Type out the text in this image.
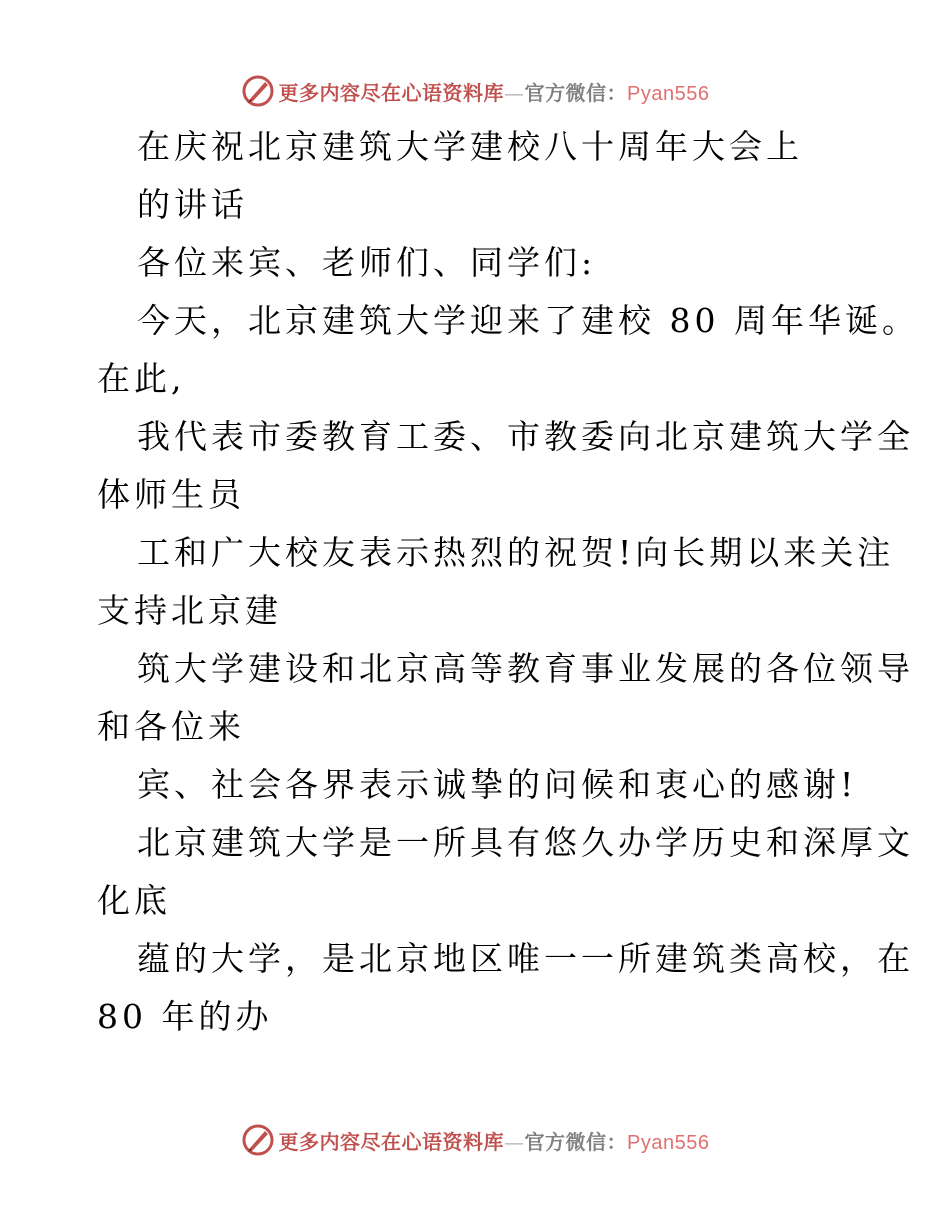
更多内容尽在心语资料库—官方微信：Pyan556
在庆祝北京建筑大学建校八十周年大会上
的讲话
各位来宾、老师们、同学们:
今天，北京建筑大学迎来了建校 80 周年华诞。
在此,
我代表市委教育工委、市教委向北京建筑大学全
体师生员
工和广大校友表示热烈的祝贺!向长期以来关注
支持北京建
筑大学建设和北京高等教育事业发展的各位领导
和各位来
宾、社会各界表示诚挚的问候和衷心的感谢!
北京建筑大学是一所具有悠久办学历史和深厚文
化底
蕴的大学，是北京地区唯一一所建筑类高校，在
80 年的办
更多内容尽在心语资料库—官方微信：Pyan556
